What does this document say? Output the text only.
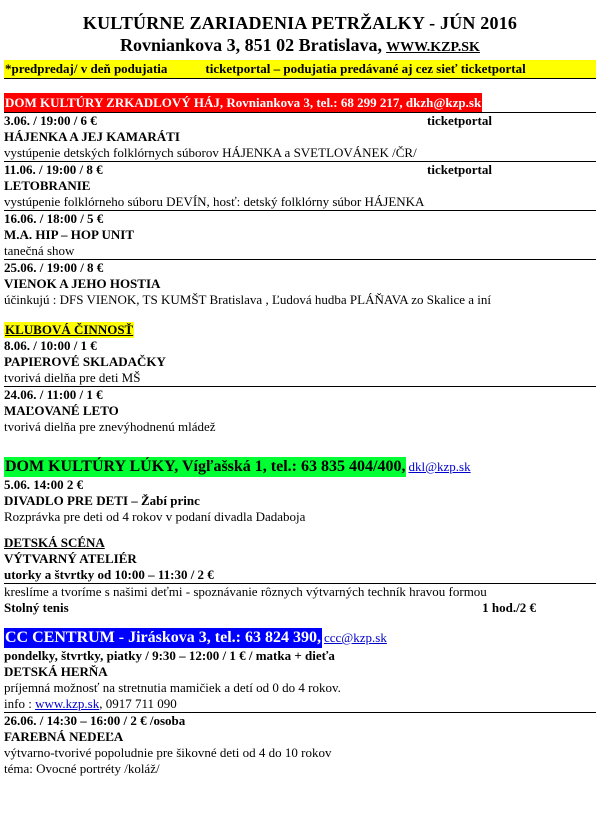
KULTÚRNE ZARIADENIA PETRŽALKY - JÚN 2016
Rovniankova 3, 851 02 Bratislava, WWW.KZP.SK
*predpredaj/ v deň podujatia	ticketportal – podujatia predávané aj cez sieť ticketportal
DOM KULTÚRY ZRKADLOVÝ HÁJ, Rovniankova 3, tel.: 68 299 217, dkzh@kzp.sk
3.06. / 19:00 / 6 €	ticketportal
HÁJENKA A JEJ KAMARÁTI
vystúpenie detských folklórnych súborov HÁJENKA a SVETLOVÁNEK /ČR/
11.06. / 19:00 / 8 €	ticketportal
LETOBRANIE
vystúpenie folklórneho súboru DEVÍN, hosť: detský folklórny súbor HÁJENKA
16.06. / 18:00 / 5 €
M.A. HIP – HOP UNIT
tanečná show
25.06. / 19:00 / 8 €
VIENOK A JEHO HOSTIA
účinkujú : DFS VIENOK, TS KUMŠT Bratislava , Ľudová hudba PLÁŇAVA zo Skalice a iní
KLUBOVÁ ČINNOSŤ
8.06. / 10:00 / 1 €
PAPIEROVÉ SKLADAČKY
tvorivá dielňa pre deti MŠ
24.06. / 11:00 / 1 €
MAĽOVANÉ LETO
tvorivá dielňa pre znevýhodnenú mládež
DOM KULTÚRY LÚKY, Vígľašská 1, tel.: 63 835 404/400, dkl@kzp.sk
5.06. 14:00 2 €
DIVADLO PRE DETI – Žabí princ
Rozprávka pre deti od 4 rokov v podaní divadla Dadaboja
DETSKÁ SCÉNA
VÝTVARNÝ ATELIÉR
utorky a štvrtky od 10:00 – 11:30 / 2 €
kreslíme a tvoríme s našimi deťmi - spoznávanie rôznych výtvarných techník hravou formou
Stolný tenis	1 hod./2 €
CC CENTRUM - Jiráskova 3, tel.: 63 824 390, ccc@kzp.sk
pondelky, štvrtky, piatky / 9:30 – 12:00 / 1 € / matka + dieťa
DETSKÁ HERŇA
príjemná možnosť na stretnutia mamičiek a detí od 0 do 4 rokov.
info : www.kzp.sk, 0917 711 090
26.06. / 14:30 – 16:00 / 2 € /osoba
FAREBNÁ NEDEĽA
výtvarno-tvorivé popoludnie pre šikovné deti od 4 do 10 rokov
téma: Ovocné portréty /koláž/
